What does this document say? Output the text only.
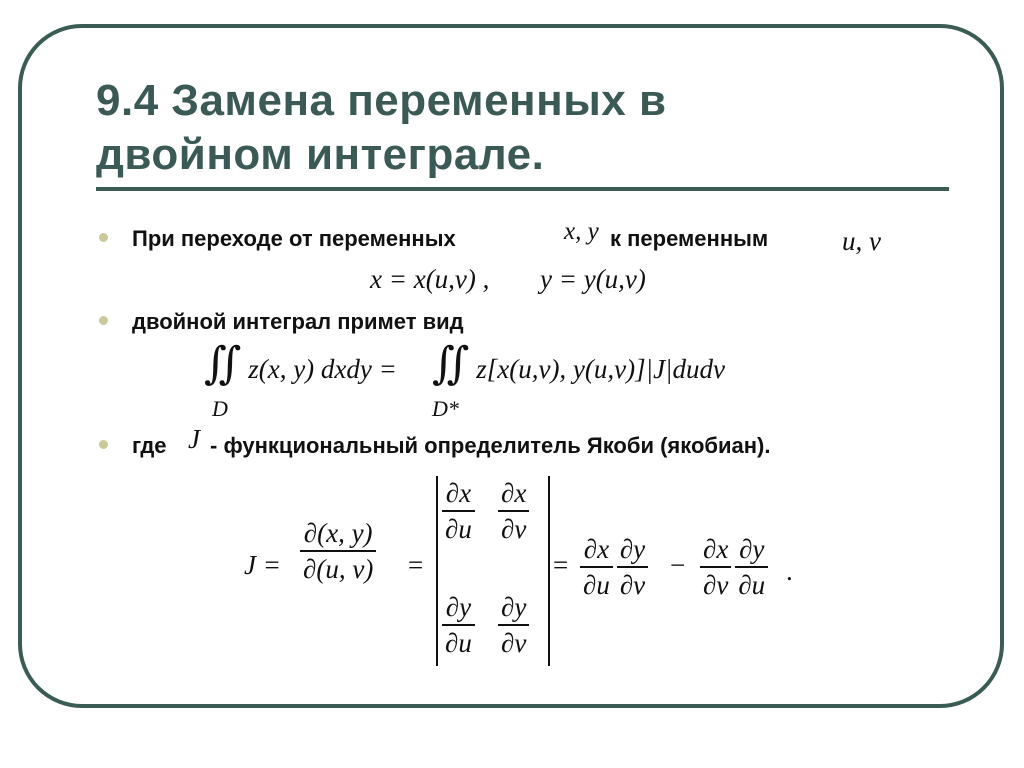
9.4 Замена переменных в
двойном интеграле.
При переходе от переменных	x, y к переменным	u, v
x = x(u,v) , y = y(u,v)
двойной интеграл примет вид
∬ z(x, y) dxdy =
D
∬ z[x(u,v), y(u,v)]|J|dudv
D*
где J - функциональный определитель Якоби (якобиан).
$J = \frac{\partial(x, y)}{\partial(u, v)}$ =
$\frac{\partial x}{\partial u} \frac{\partial x}{\partial v}$
$\frac{\partial y}{\partial u} \frac{\partial y}{\partial v}$
= $\frac{\partial x}{\partial u} \frac{\partial y}{\partial v} - \frac{\partial x}{\partial v} \frac{\partial y}{\partial u}$ .
